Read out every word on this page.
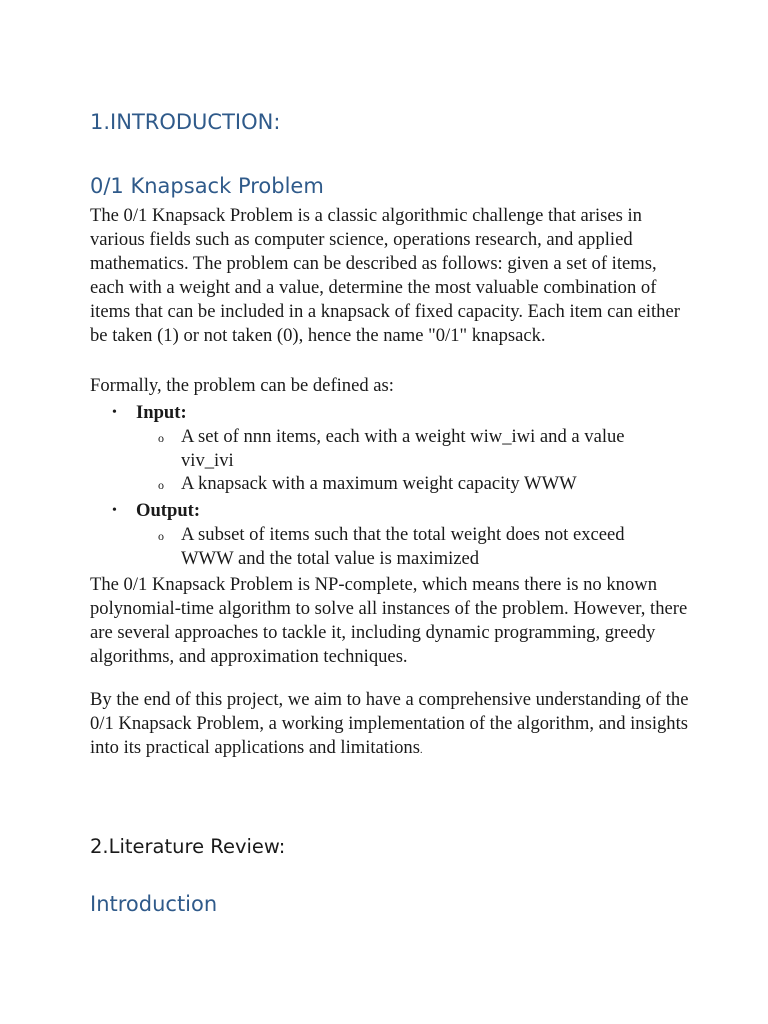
1.INTRODUCTION:
0/1 Knapsack Problem

The 0/1 Knapsack Problem is a classic algorithmic challenge that arises in various fields such as computer science, operations research, and applied mathematics. The problem can be described as follows: given a set of items, each with a weight and a value, determine the most valuable combination of items that can be included in a knapsack of fixed capacity. Each item can either be taken (1) or not taken (0), hence the name "0/1" knapsack.

Formally, the problem can be defined as:

• Input:
o A set of nnn items, each with a weight wiw_iwi and a value viv_ivi
o A knapsack with a maximum weight capacity WWW
• Output:
o A subset of items such that the total weight does not exceed WWW and the total value is maximized

The 0/1 Knapsack Problem is NP-complete, which means there is no known polynomial-time algorithm to solve all instances of the problem. However, there are several approaches to tackle it, including dynamic programming, greedy algorithms, and approximation techniques.

By the end of this project, we aim to have a comprehensive understanding of the 0/1 Knapsack Problem, a working implementation of the algorithm, and insights into its practical applications and limitations.

2.Literature Review:
Introduction
